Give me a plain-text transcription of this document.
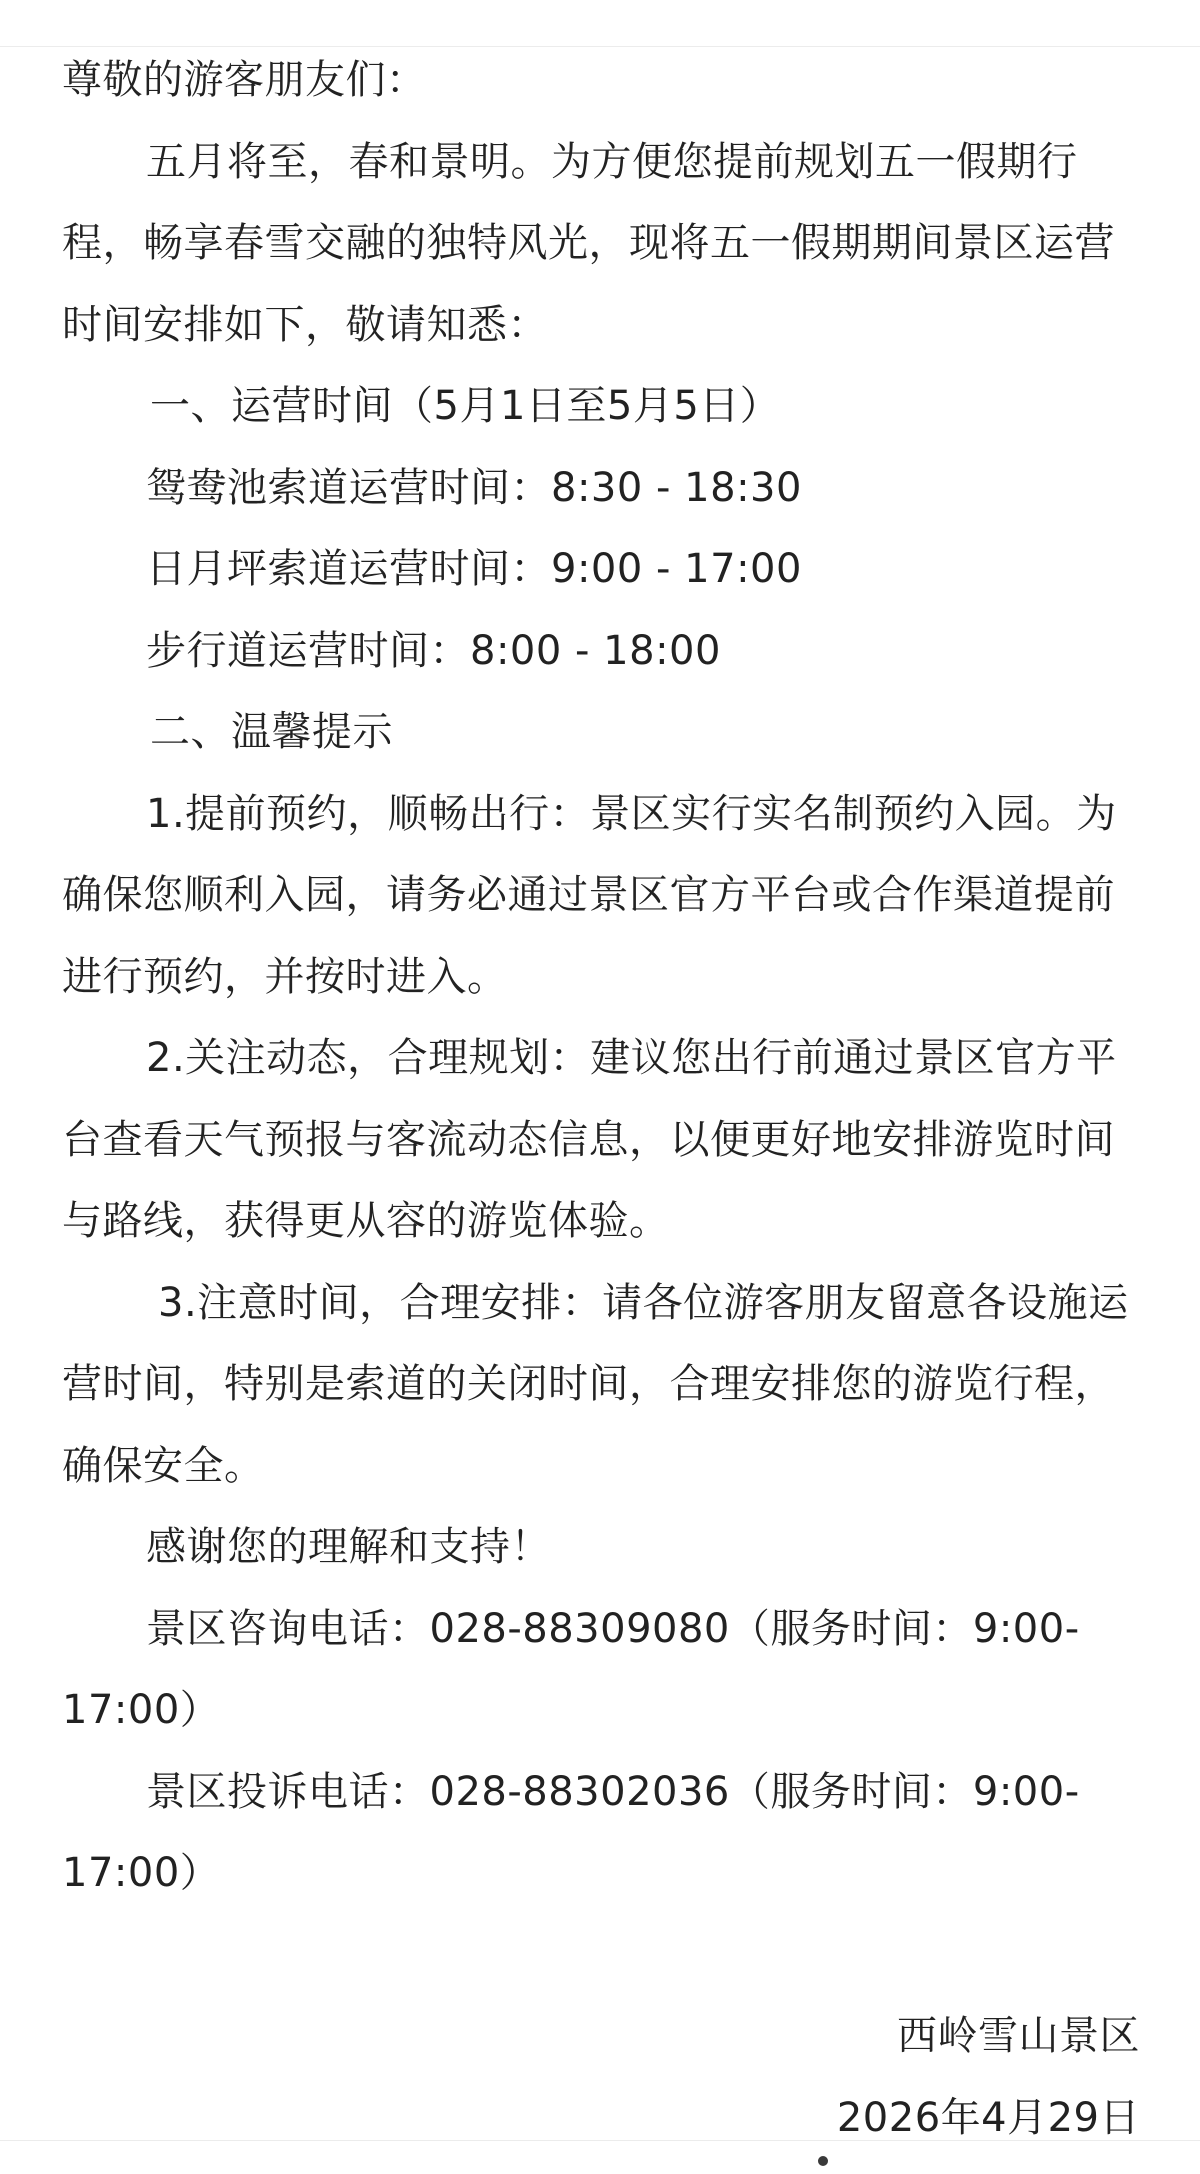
尊敬的游客朋友们：

五月将至，春和景明。为方便您提前规划五一假期行程，畅享春雪交融的独特风光，现将五一假期期间景区运营时间安排如下，敬请知悉：

一、运营时间（5月1日至5月5日）

鸳鸯池索道运营时间：8:30 - 18:30

日月坪索道运营时间：9:00 - 17:00

步行道运营时间：8:00 - 18:00

二、温馨提示

1.提前预约，顺畅出行：景区实行实名制预约入园。为确保您顺利入园，请务必通过景区官方平台或合作渠道提前进行预约，并按时进入。

2.关注动态，合理规划：建议您出行前通过景区官方平台查看天气预报与客流动态信息，以便更好地安排游览时间与路线，获得更从容的游览体验。

3.注意时间，合理安排：请各位游客朋友留意各设施运营时间，特别是索道的关闭时间，合理安排您的游览行程，确保安全。

感谢您的理解和支持！

景区咨询电话：028-88309080（服务时间：9:00-17:00）

景区投诉电话：028-88302036（服务时间：9:00-17:00）

西岭雪山景区

2026年4月29日
